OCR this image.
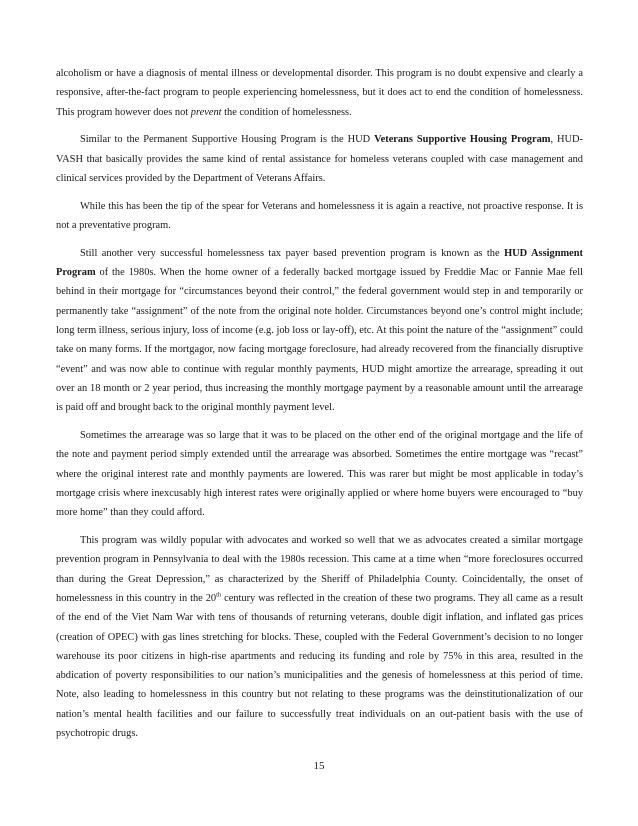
alcoholism or have a diagnosis of mental illness or developmental disorder. This program is no doubt expensive and clearly a responsive, after-the-fact program to people experiencing homelessness, but it does act to end the condition of homelessness. This program however does not prevent the condition of homelessness.

Similar to the Permanent Supportive Housing Program is the HUD Veterans Supportive Housing Program, HUD-VASH that basically provides the same kind of rental assistance for homeless veterans coupled with case management and clinical services provided by the Department of Veterans Affairs.

While this has been the tip of the spear for Veterans and homelessness it is again a reactive, not proactive response. It is not a preventative program.

Still another very successful homelessness tax payer based prevention program is known as the HUD Assignment Program of the 1980s. When the home owner of a federally backed mortgage issued by Freddie Mac or Fannie Mae fell behind in their mortgage for “circumstances beyond their control,” the federal government would step in and temporarily or permanently take “assignment” of the note from the original note holder. Circumstances beyond one’s control might include; long term illness, serious injury, loss of income (e.g. job loss or lay-off), etc. At this point the nature of the “assignment” could take on many forms. If the mortgagor, now facing mortgage foreclosure, had already recovered from the financially disruptive “event” and was now able to continue with regular monthly payments, HUD might amortize the arrearage, spreading it out over an 18 month or 2 year period, thus increasing the monthly mortgage payment by a reasonable amount until the arrearage is paid off and brought back to the original monthly payment level.

Sometimes the arrearage was so large that it was to be placed on the other end of the original mortgage and the life of the note and payment period simply extended until the arrearage was absorbed. Sometimes the entire mortgage was “recast” where the original interest rate and monthly payments are lowered. This was rarer but might be most applicable in today’s mortgage crisis where inexcusably high interest rates were originally applied or where home buyers were encouraged to “buy more home” than they could afford.

This program was wildly popular with advocates and worked so well that we as advocates created a similar mortgage prevention program in Pennsylvania to deal with the 1980s recession. This came at a time when “more foreclosures occurred than during the Great Depression,” as characterized by the Sheriff of Philadelphia County. Coincidentally, the onset of homelessness in this country in the 20th century was reflected in the creation of these two programs. They all came as a result of the end of the Viet Nam War with tens of thousands of returning veterans, double digit inflation, and inflated gas prices (creation of OPEC) with gas lines stretching for blocks. These, coupled with the Federal Government’s decision to no longer warehouse its poor citizens in high-rise apartments and reducing its funding and role by 75% in this area, resulted in the abdication of poverty responsibilities to our nation’s municipalities and the genesis of homelessness at this period of time. Note, also leading to homelessness in this country but not relating to these programs was the deinstitutionalization of our nation’s mental health facilities and our failure to successfully treat individuals on an out-patient basis with the use of psychotropic drugs.

15
